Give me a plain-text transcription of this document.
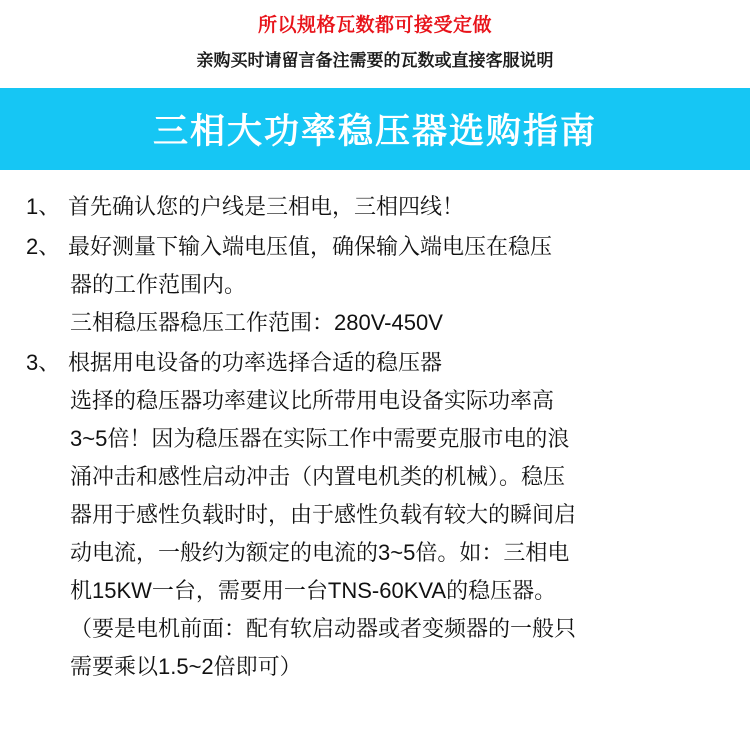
所以规格瓦数都可接受定做
亲购买时请留言备注需要的瓦数或直接客服说明
三相大功率稳压器选购指南
1、 首先确认您的户线是三相电，三相四线！

2、 最好测量下输入端电压值，确保输入端电压在稳压

器的工作范围内。

三相稳压器稳压工作范围：280V-450V

3、 根据用电设备的功率选择合适的稳压器

选择的稳压器功率建议比所带用电设备实际功率高

3~5倍！因为稳压器在实际工作中需要克服市电的浪

涌冲击和感性启动冲击（内置电机类的机械）。稳压

器用于感性负载时时，由于感性负载有较大的瞬间启

动电流，一般约为额定的电流的3~5倍。如：三相电

机15KW一台，需要用一台TNS-60KVA的稳压器。

（要是电机前面：配有软启动器或者变频器的一般只

需要乘以1.5~2倍即可）
